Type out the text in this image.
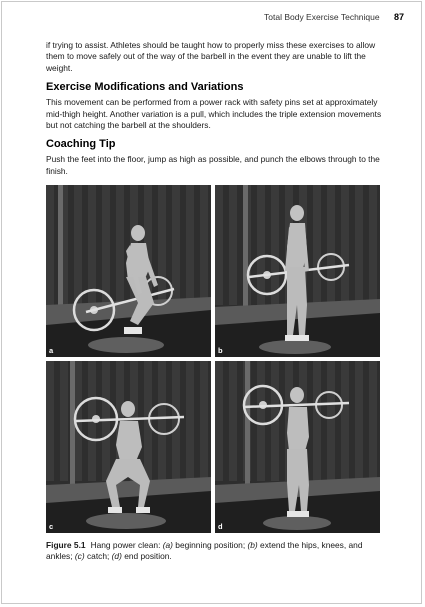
Total Body Exercise Technique 87

if trying to assist. Athletes should be taught how to properly miss these exercises to allow them to move safely out of the way of the barbell in the event they are unable to lift the weight.

Exercise Modifications and Variations

This movement can be performed from a power rack with safety pins set at approximately mid-thigh height. Another variation is a pull, which includes the triple extension movements but not catching the barbell at the shoulders.

Coaching Tip

Push the feet into the floor, jump as high as possible, and punch the elbows through to the finish.

a	b
c	d

Figure 5.1 Hang power clean: (a) beginning position; (b) extend the hips, knees, and ankles; (c) catch; (d) end position.
